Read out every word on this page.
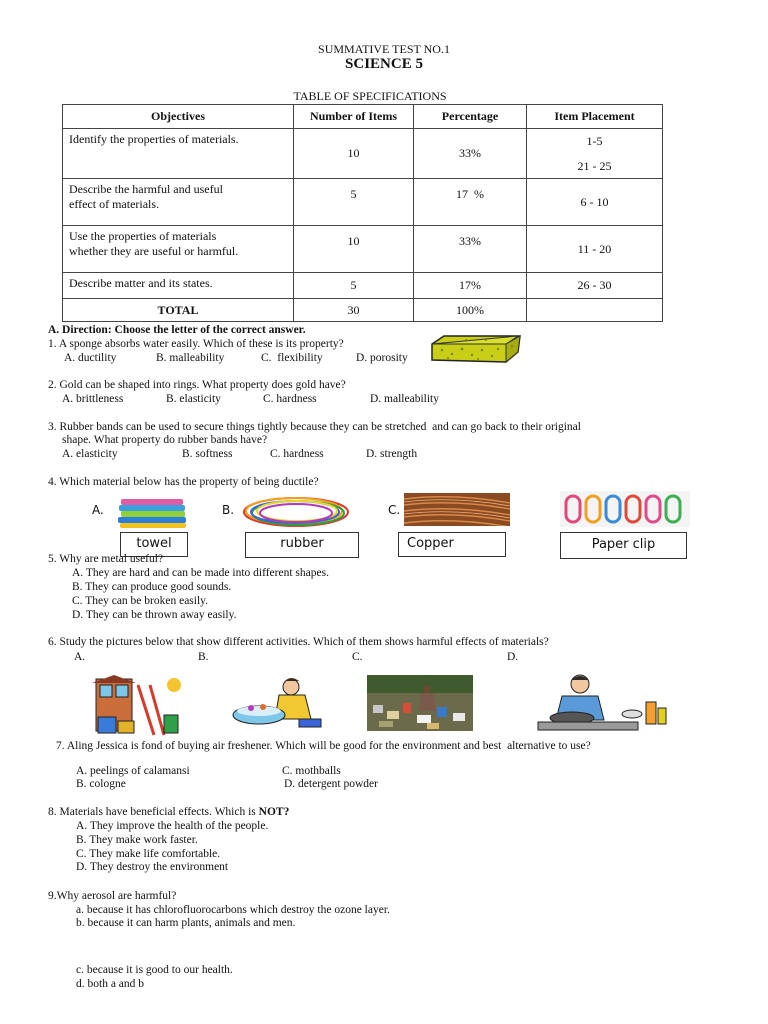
SUMMATIVE TEST NO.1
SCIENCE 5
TABLE OF SPECIFICATIONS
Objectives	Number of Items	Percentage	Item Placement
Identify the properties of materials.	10	33%	1-5
21 - 25

Describe the harmful and useful
effect of materials.	5	17  %	6 - 10

Use the properties of materials
whether they are useful or harmful.	10	33%	11 - 20
Describe matter and its states.	5	17%	26 - 30
TOTAL	30	100%	
A. Direction: Choose the letter of the correct answer.
1. A sponge absorbs water easily. Which of these is its property?
A. ductility	B. malleability	C.  flexibility	D. porosity
2. Gold can be shaped into rings. What property does gold have?
A. brittleness	B. elasticity	C. hardness	D. malleability
3. Rubber bands can be used to secure things tightly because they can be stretched  and can go back to their original
shape. What property do rubber bands have?
A. elasticity	B. softness	C. hardness	D. strength
4. Which material below has the property of being ductile?
A.	B.	C.
towel	rubber	Copper	Paper clip
5. Why are metal useful?
A. They are hard and can be made into different shapes.
B. They can produce good sounds.
C. They can be broken easily.
D. They can be thrown away easily.
6. Study the pictures below that show different activities. Which of them shows harmful effects of materials?
A.	B.	C.	D.
7. Aling Jessica is fond of buying air freshener. Which will be good for the environment and best  alternative to use?
A. peelings of calamansi
B. cologne
C. mothballs
D. detergent powder
8. Materials have beneficial effects. Which is NOT?
A. They improve the health of the people.
B. They make work faster.
C. They make life comfortable.
D. They destroy the environment
9.Why aerosol are harmful?
a. because it has chlorofluorocarbons which destroy the ozone layer.
b. because it can harm plants, animals and men.
c. because it is good to our health.
d. both a and b
